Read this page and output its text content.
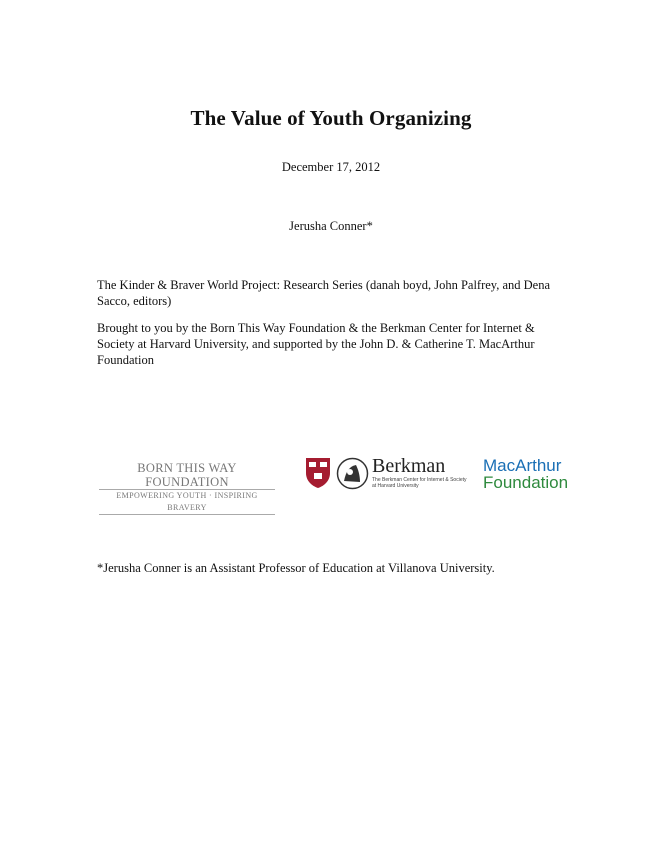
The Value of Youth Organizing
December 17, 2012
Jerusha Conner*
The Kinder & Braver World Project: Research Series (danah boyd, John Palfrey, and Dena Sacco, editors)
Brought to you by the Born This Way Foundation & the Berkman Center for Internet & Society at Harvard University, and supported by the John D. & Catherine T. MacArthur Foundation
BORN THIS WAY FOUNDATION
EMPOWERING YOUTH · INSPIRING BRAVERY
Berkman
The Berkman Center for Internet & Society at Harvard University
MacArthur
Foundation
*Jerusha Conner is an Assistant Professor of Education at Villanova University.
